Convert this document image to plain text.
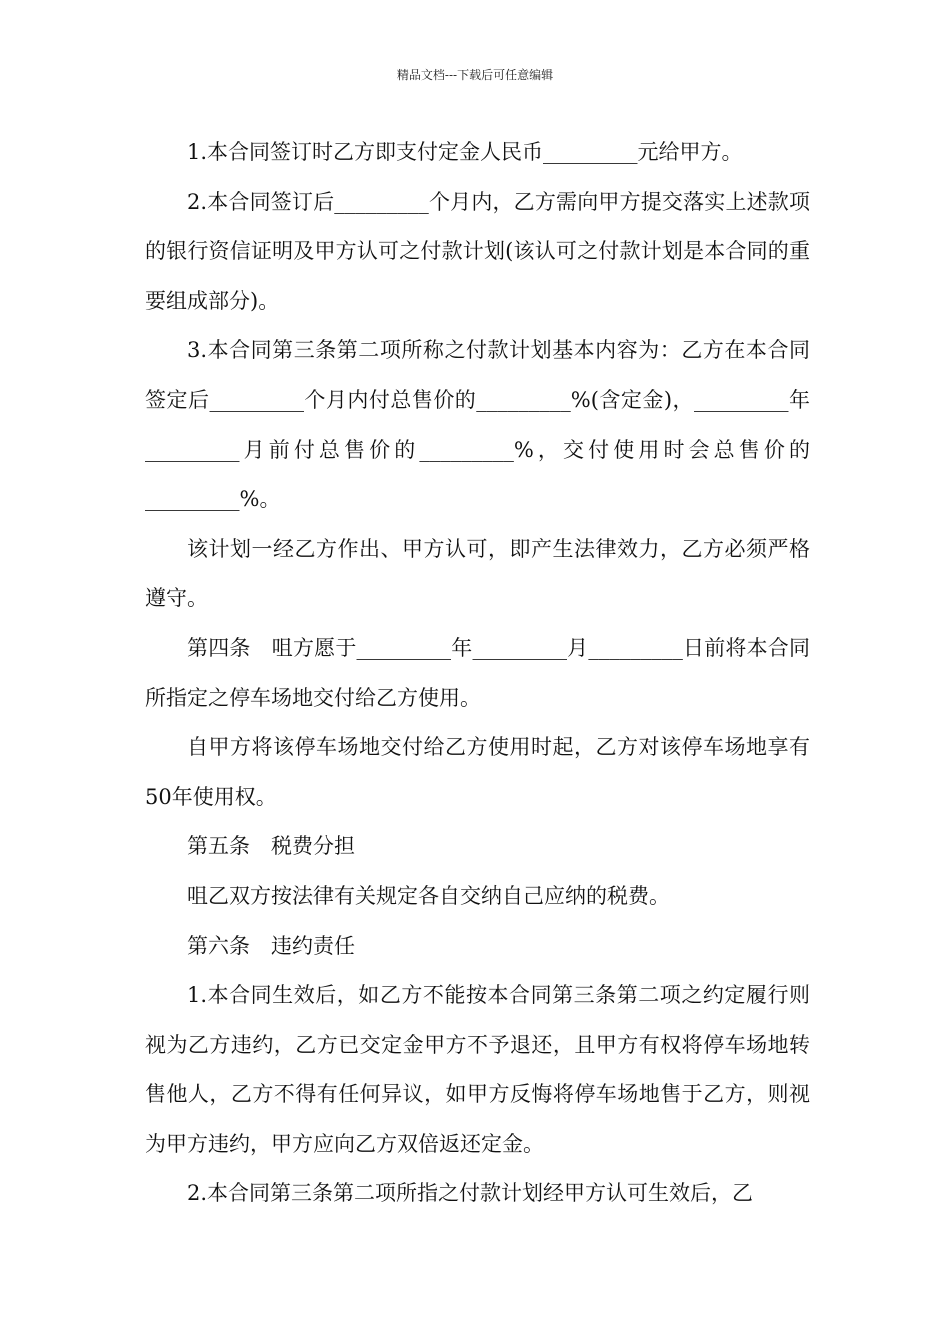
精品文档---下载后可任意编辑

1.本合同签订时乙方即支付定金人民币_________元给甲方。

2.本合同签订后_________个月内，乙方需向甲方提交落实上述款项的银行资信证明及甲方认可之付款计划(该认可之付款计划是本合同的重要组成部分)。

3.本合同第三条第二项所称之付款计划基本内容为：乙方在本合同签定后_________个月内付总售价的_________%(含定金)，_________年_________月前付总售价的_________%，交付使用时会总售价的_________%。

该计划一经乙方作出、甲方认可，即产生法律效力，乙方必须严格遵守。

第四条　咀方愿于_________年_________月_________日前将本合同所指定之停车场地交付给乙方使用。

自甲方将该停车场地交付给乙方使用时起，乙方对该停车场地享有50年使用权。

第五条　税费分担

咀乙双方按法律有关规定各自交纳自己应纳的税费。

第六条　违约责任

1.本合同生效后，如乙方不能按本合同第三条第二项之约定履行则视为乙方违约，乙方已交定金甲方不予退还，且甲方有权将停车场地转售他人，乙方不得有任何异议，如甲方反悔将停车场地售于乙方，则视为甲方违约，甲方应向乙方双倍返还定金。

2.本合同第三条第二项所指之付款计划经甲方认可生效后，乙
